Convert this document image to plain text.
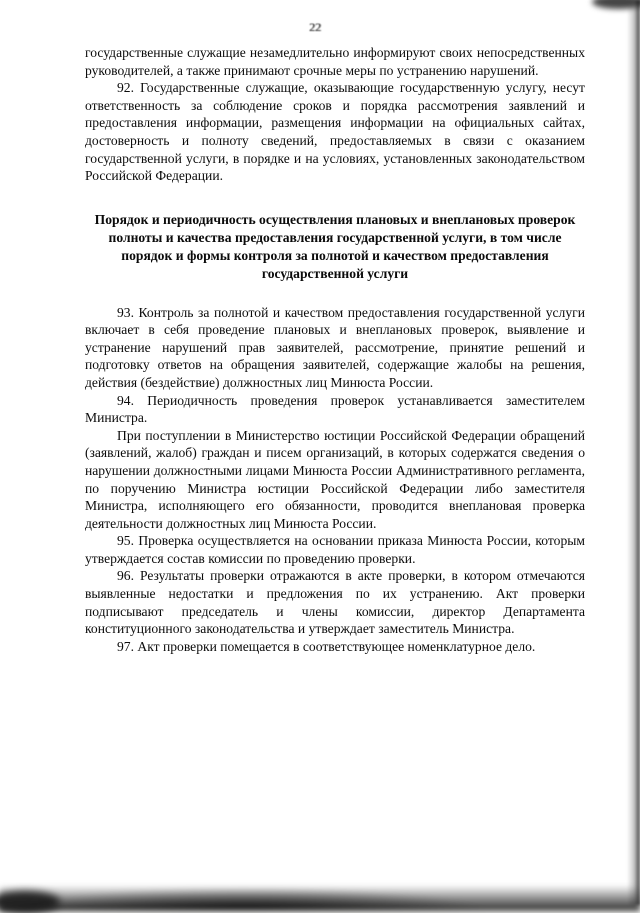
22

государственные служащие незамедлительно информируют своих непосредственных руководителей, а также принимают срочные меры по устранению нарушений.

92. Государственные служащие, оказывающие государственную услугу, несут ответственность за соблюдение сроков и порядка рассмотрения заявлений и предоставления информации, размещения информации на официальных сайтах, достоверность и полноту сведений, предоставляемых в связи с оказанием государственной услуги, в порядке и на условиях, установленных законодательством Российской Федерации.

Порядок и периодичность осуществления плановых и внеплановых проверок полноты и качества предоставления государственной услуги, в том числе порядок и формы контроля за полнотой и качеством предоставления государственной услуги

93. Контроль за полнотой и качеством предоставления государственной услуги включает в себя проведение плановых и внеплановых проверок, выявление и устранение нарушений прав заявителей, рассмотрение, принятие решений и подготовку ответов на обращения заявителей, содержащие жалобы на решения, действия (бездействие) должностных лиц Минюста России.

94. Периодичность проведения проверок устанавливается заместителем Министра.

При поступлении в Министерство юстиции Российской Федерации обращений (заявлений, жалоб) граждан и писем организаций, в которых содержатся сведения о нарушении должностными лицами Минюста России Административного регламента, по поручению Министра юстиции Российской Федерации либо заместителя Министра, исполняющего его обязанности, проводится внеплановая проверка деятельности должностных лиц Минюста России.

95. Проверка осуществляется на основании приказа Минюста России, которым утверждается состав комиссии по проведению проверки.

96. Результаты проверки отражаются в акте проверки, в котором отмечаются выявленные недостатки и предложения по их устранению. Акт проверки подписывают председатель и члены комиссии, директор Департамента конституционного законодательства и утверждает заместитель Министра.

97. Акт проверки помещается в соответствующее номенклатурное дело.
